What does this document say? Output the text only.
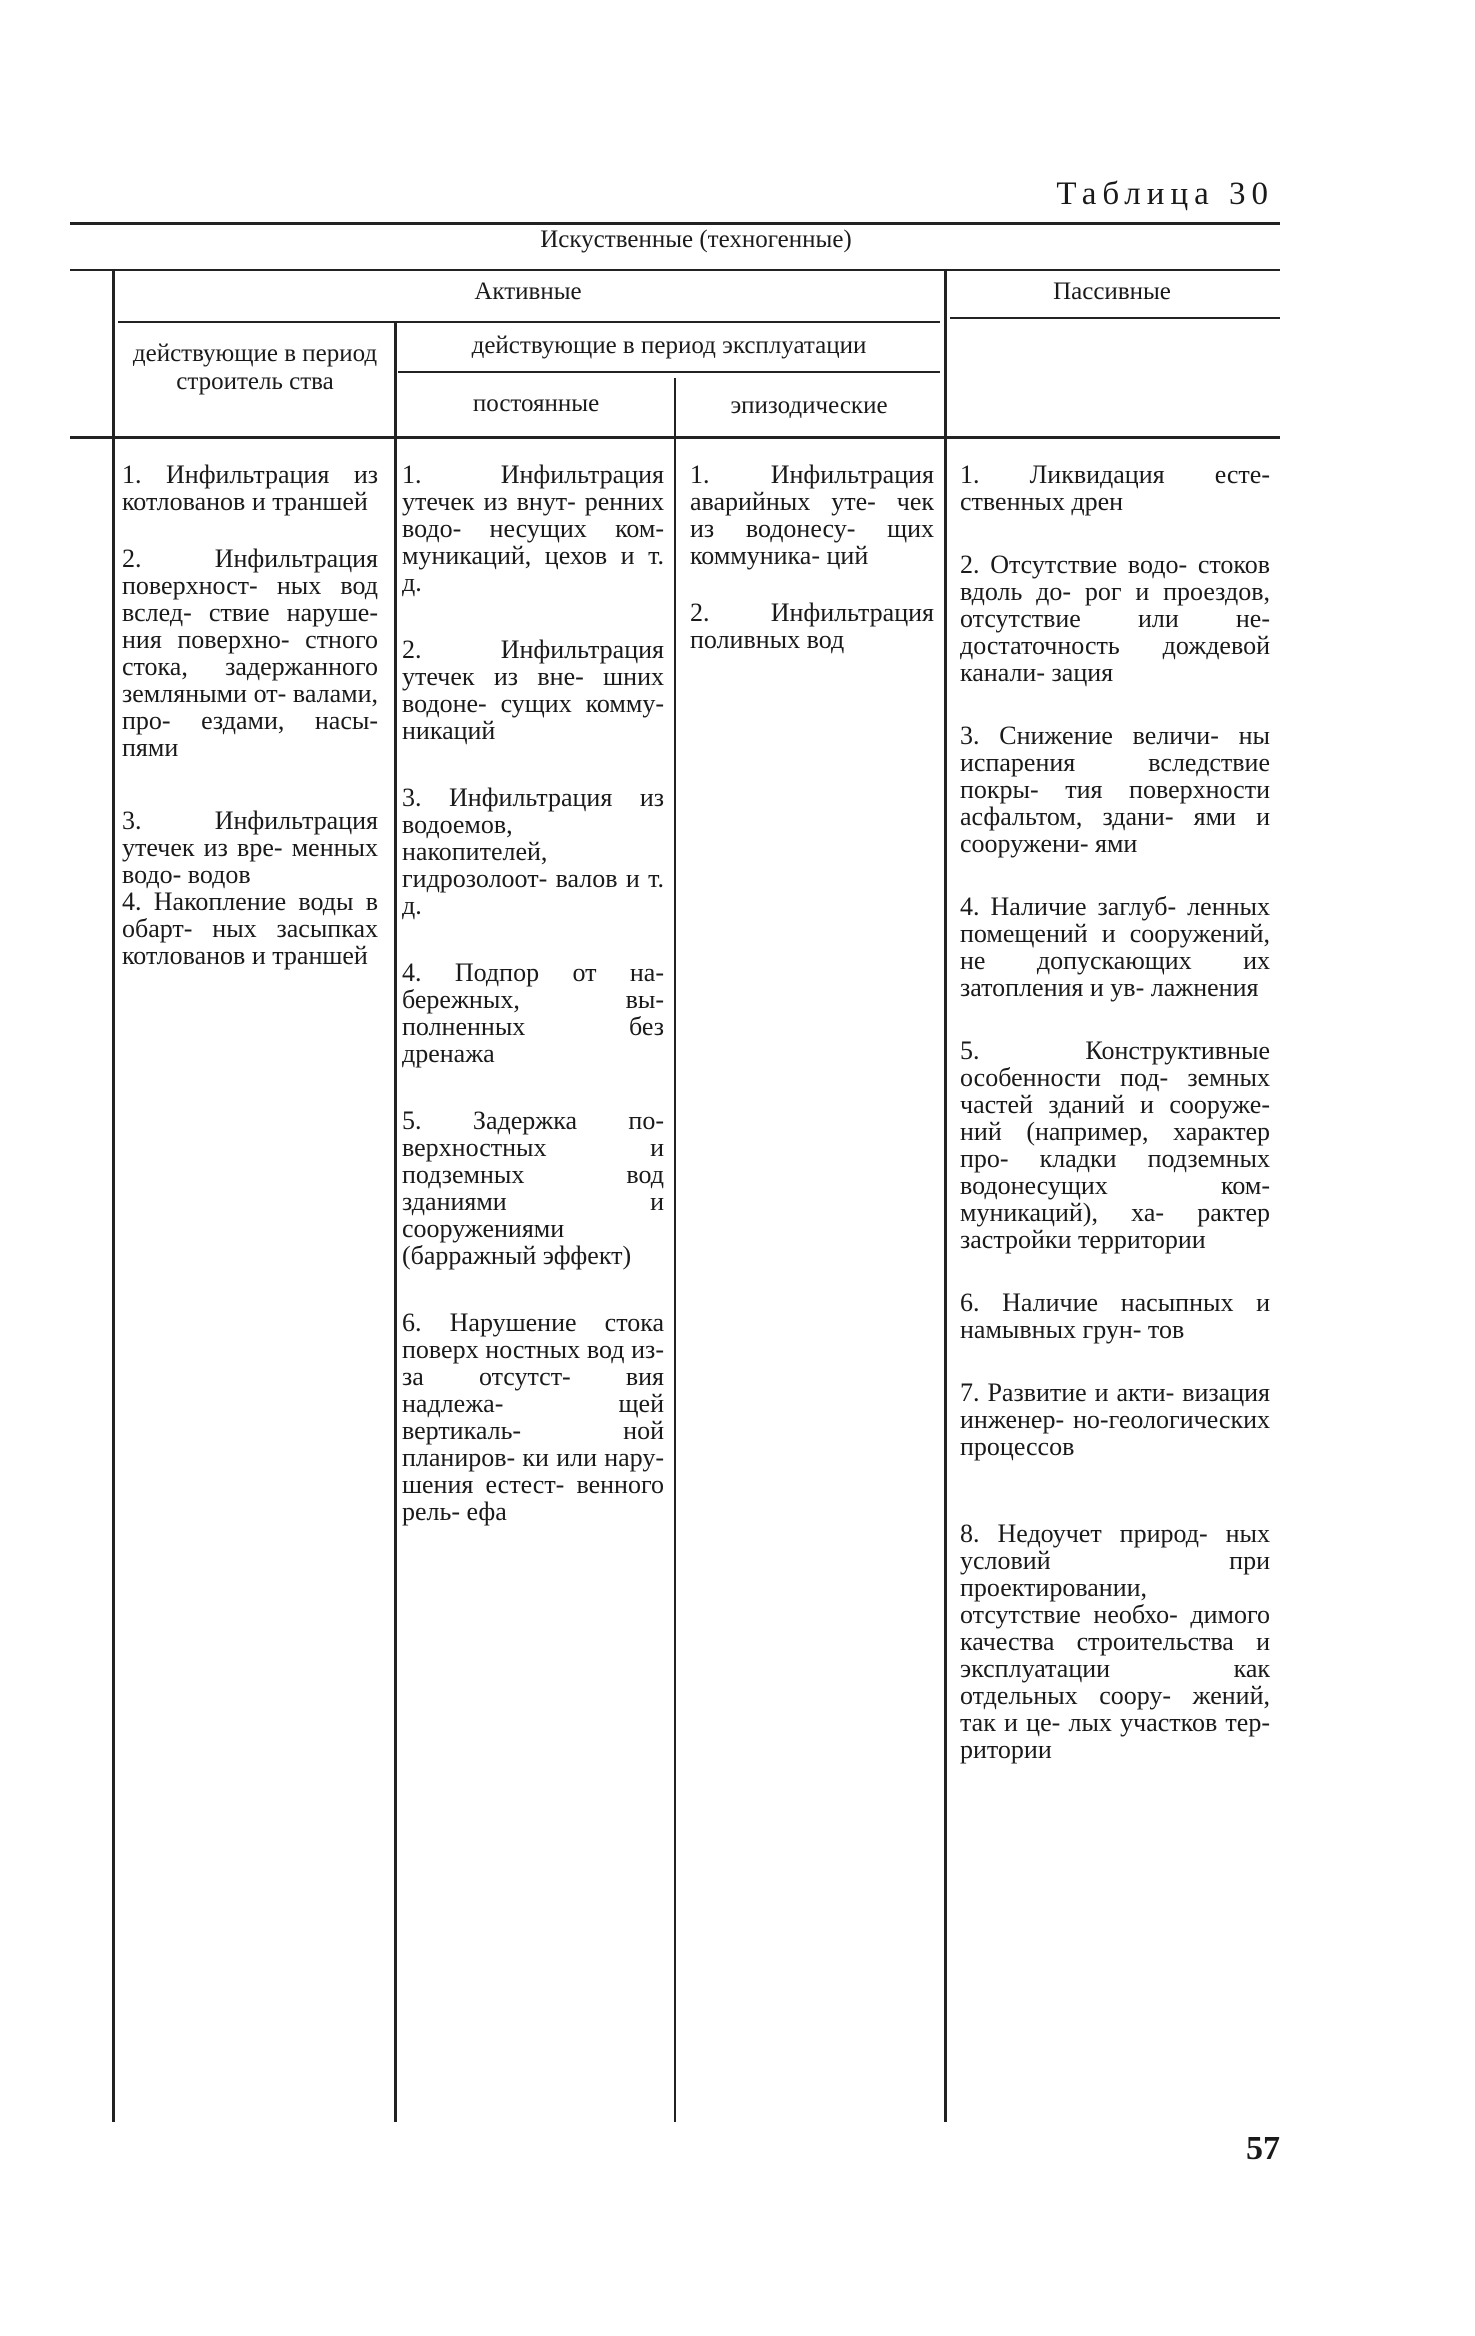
Таблица 30
Искуственные (техногенные)
Активные	Пассивные
действующие в период строитель ства
действующие в период эксплуатации
постоянные	эпизодические

1. Инфильтрация из котлованов и траншей

2. Инфильтрация поверхност- ных вод вслед- ствие наруше- ния поверхно- стного стока, задержанного земляными от- валами, про- ездами, насы- пями

3. Инфильтрация утечек из вре- менных водо- водов

4. Накопление воды в обарт- ных засыпках котлованов и траншей

1. Инфильтрация утечек из внут- ренних водо- несущих ком- муникаций, цехов и т. д.

2. Инфильтрация утечек из вне- шних водоне- сущих комму- никаций

3. Инфильтрация из водоемов, накопителей, гидрозолоот- валов и т. д.

4. Подпор от на- бережных, вы- полненных без дренажа

5. Задержка по- верхностных и подземных вод зданиями и сооружениями (барражный эффект)

6. Нарушение стока поверх ностных вод из-за отсутст- вия надлежа- щей вертикаль- ной планиров- ки или нару- шения естест- венного рель- ефа

1. Инфильтрация аварийных уте- чек из водонесу- щих коммуника- ций

2. Инфильтрация поливных вод

1. Ликвидация есте- ственных дрен

2. Отсутствие водо- стоков вдоль до- рог и проездов, отсутствие или не- достаточность дождевой канали- зация

3. Снижение величи- ны испарения вследствие покры- тия поверхности асфальтом, здани- ями и сооружени- ями

4. Наличие заглуб- ленных помещений и сооружений, не допускающих их затопления и ув- лажнения

5. Конструктивные особенности под- земных частей зданий и сооруже- ний (например, характер про- кладки подземных водонесущих ком- муникаций), ха- рактер застройки территории

6. Наличие насыпных и намывных грун- тов

7. Развитие и акти- визация инженер- но-геологических процессов

8. Недоучет природ- ных условий при проектировании, отсутствие необхо- димого качества строительства и эксплуатации как отдельных соору- жений, так и це- лых участков тер- ритории

57
